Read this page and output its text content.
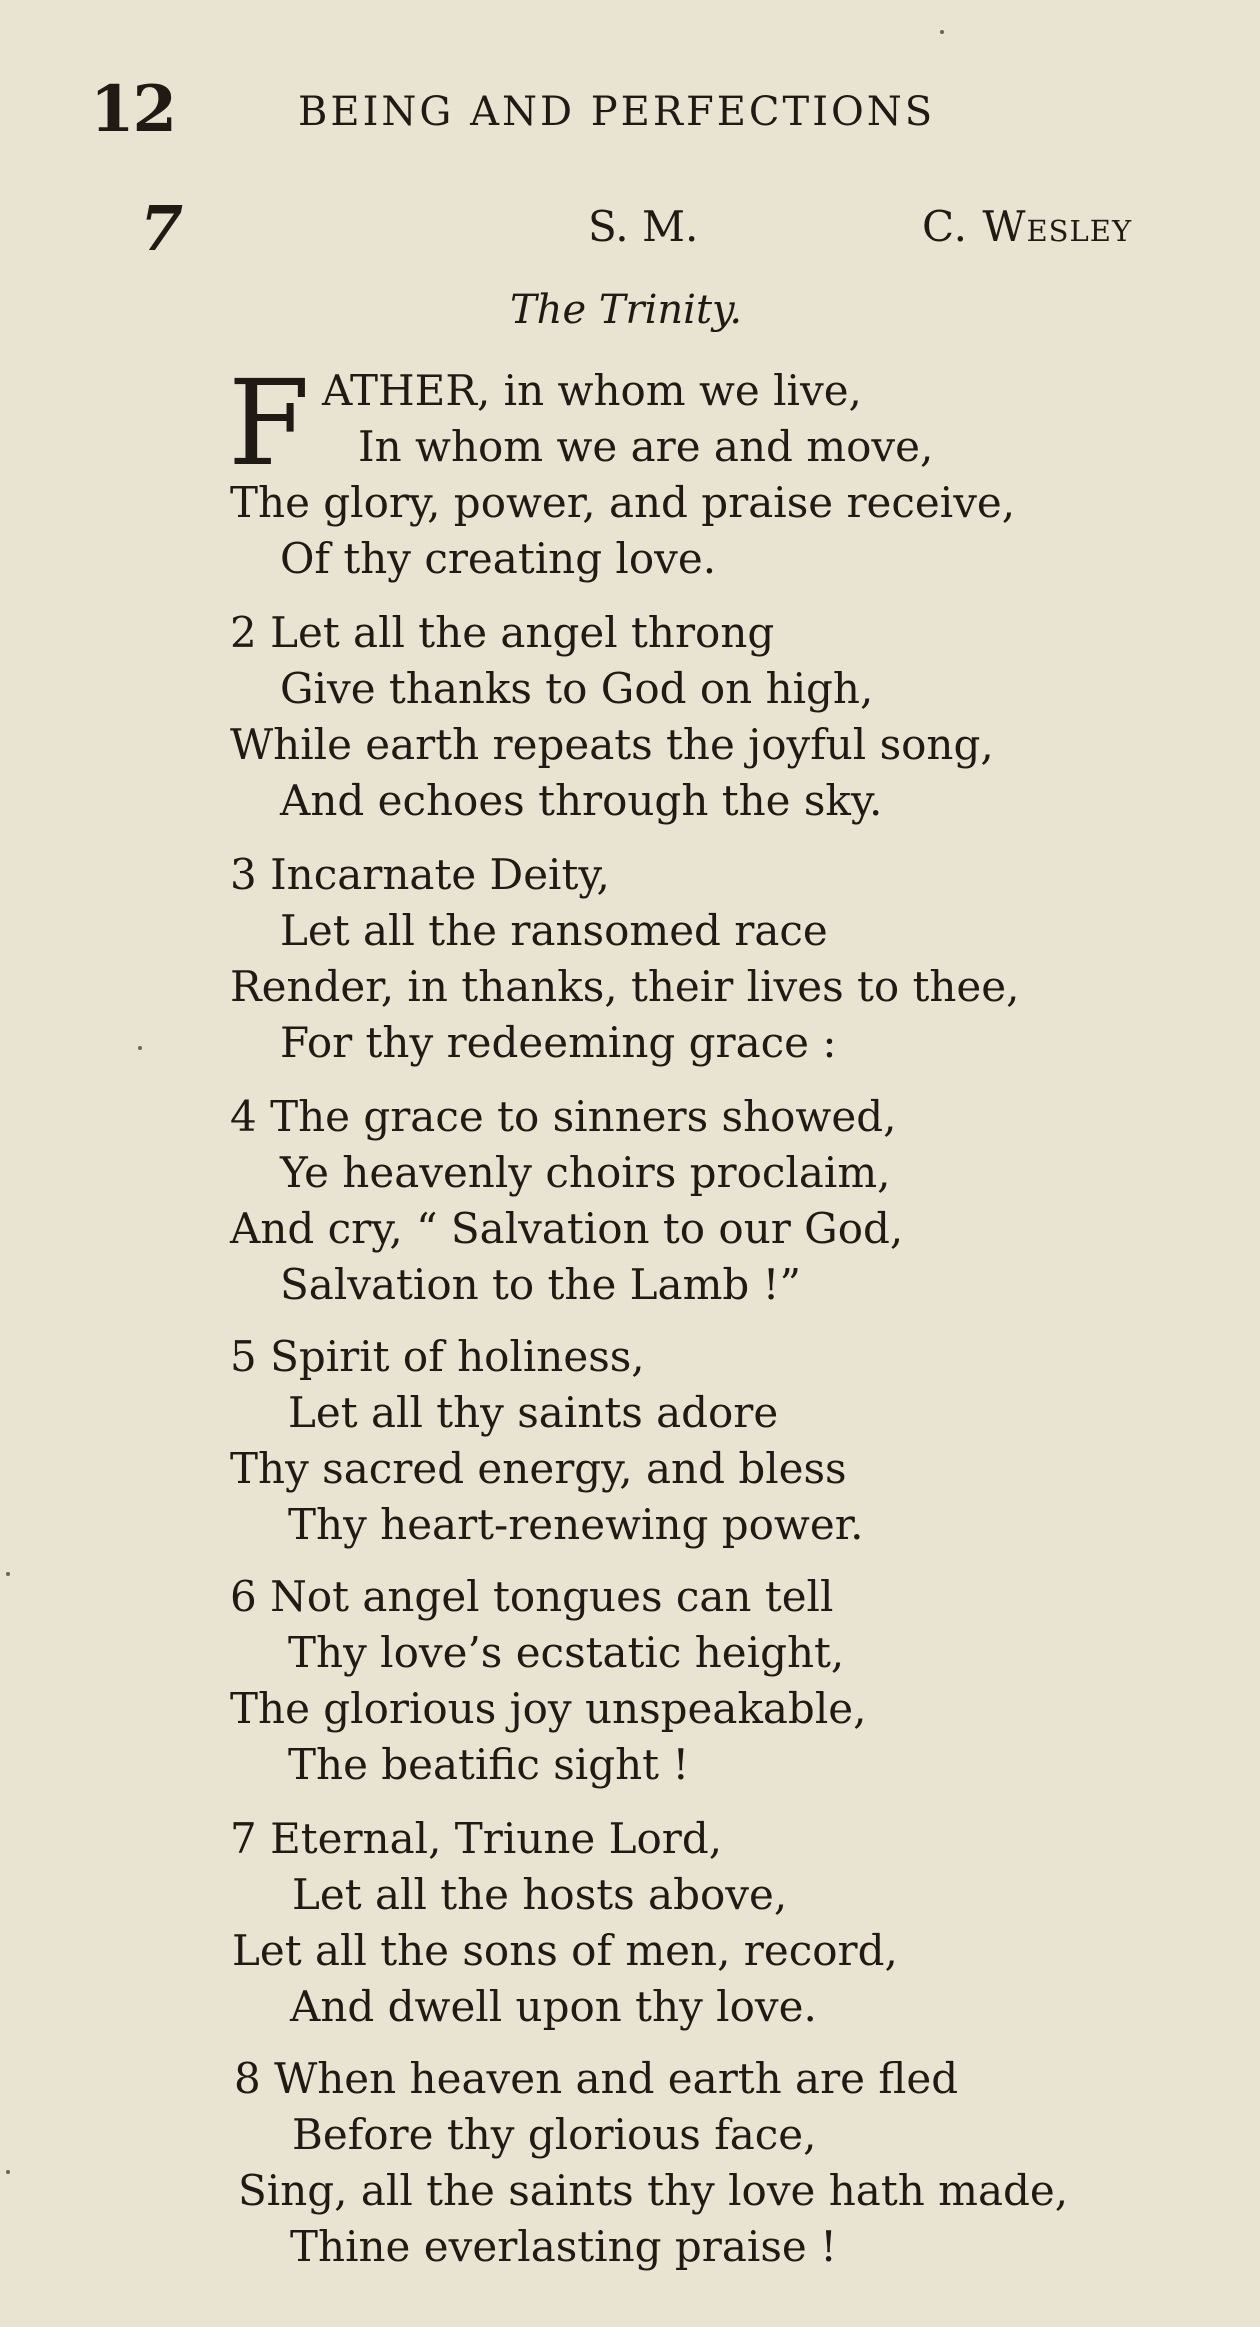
12	BEING AND PERFECTIONS
7	S. M.	C. Wesley
The Trinity.
F ATHER, in whom we live,
In whom we are and move,
The glory, power, and praise receive,
Of thy creating love.
2 Let all the angel throng
Give thanks to God on high,
While earth repeats the joyful song,
And echoes through the sky.
3 Incarnate Deity,
Let all the ransomed race
Render, in thanks, their lives to thee,
For thy redeeming grace :
4 The grace to sinners showed,
Ye heavenly choirs proclaim,
And cry, “ Salvation to our God,
Salvation to the Lamb !”
5 Spirit of holiness,
Let all thy saints adore
Thy sacred energy, and bless
Thy heart-renewing power.
6 Not angel tongues can tell
Thy love’s ecstatic height,
The glorious joy unspeakable,
The beatific sight !
7 Eternal, Triune Lord,
Let all the hosts above,
Let all the sons of men, record,
And dwell upon thy love.
8 When heaven and earth are fled
Before thy glorious face,
Sing, all the saints thy love hath made,
Thine everlasting praise !
